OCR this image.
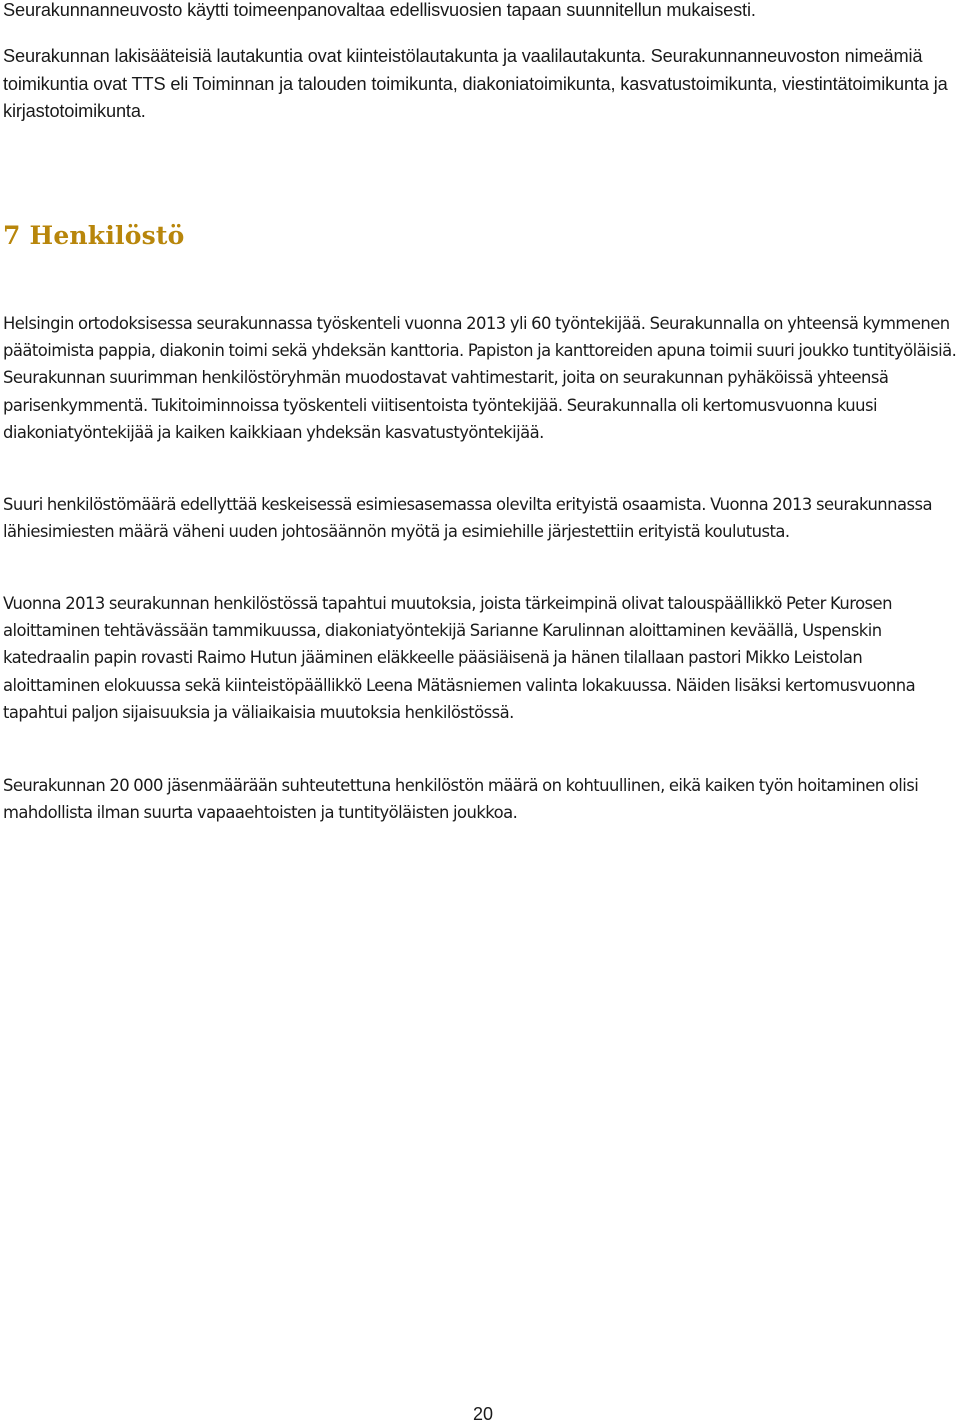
Seurakunnanneuvosto käytti toimeenpanovaltaa edellisvuosien tapaan suunnitellun mukaisesti.

Seurakunnan lakisääteisiä lautakuntia ovat kiinteistölautakunta ja vaalilautakunta. Seurakunnanneuvoston nimeämiä toimikuntia ovat TTS eli Toiminnan ja talouden toimikunta, diakoniatoimikunta, kasvatustoimikunta, viestintätoimikunta ja kirjastotoimikunta.

7 Henkilöstö

Helsingin ortodoksisessa seurakunnassa työskenteli vuonna 2013 yli 60 työntekijää. Seurakunnalla on yhteensä kymmenen päätoimista pappia, diakonin toimi sekä yhdeksän kanttoria. Papiston ja kanttoreiden apuna toimii suuri joukko tuntityöläisiä. Seurakunnan suurimman henkilöstöryhmän muodostavat vahtimestarit, joita on seurakunnan pyhäköissä yhteensä parisenkymmentä. Tukitoiminnoissa työskenteli viitisentoista työntekijää. Seurakunnalla oli kertomusvuonna kuusi diakoniatyöntekijää ja kaiken kaikkiaan yhdeksän kasvatustyöntekijää.

Suuri henkilöstömäärä edellyttää keskeisessä esimiesasemassa olevilta erityistä osaamista. Vuonna 2013 seurakunnassa lähiesimiesten määrä väheni uuden johtosäännön myötä ja esimiehille järjestettiin erityistä koulutusta.

Vuonna 2013 seurakunnan henkilöstössä tapahtui muutoksia, joista tärkeimpinä olivat talouspäällikkö Peter Kurosen aloittaminen tehtävässään tammikuussa, diakoniatyöntekijä Sarianne Karulinnan aloittaminen keväällä, Uspenskin katedraalin papin rovasti Raimo Hutun jääminen eläkkeelle pääsiäisenä ja hänen tilallaan pastori Mikko Leistolan aloittaminen elokuussa sekä kiinteistöpäällikkö Leena Mätäsniemen valinta lokakuussa. Näiden lisäksi kertomusvuonna tapahtui paljon sijaisuuksia ja väliaikaisia muutoksia henkilöstössä.

Seurakunnan 20 000 jäsenmäärään suhteutettuna henkilöstön määrä on kohtuullinen, eikä kaiken työn hoitaminen olisi mahdollista ilman suurta vapaaehtoisten ja tuntityöläisten joukkoa.

20
